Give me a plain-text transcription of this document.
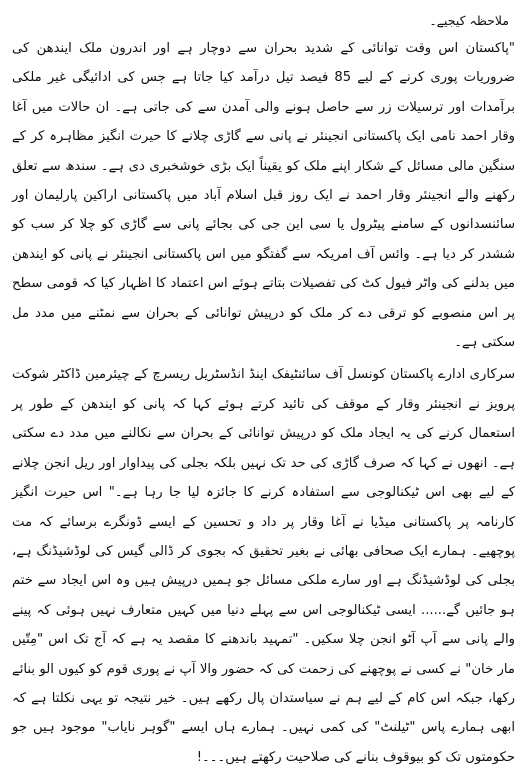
ملاحظہ کیجیے۔

"پاکستان اس وقت توانائی کے شدید بحران سے دوچار ہے اور اندرون ملک ایندھن کی ضروریات پوری کرنے کے لیے 85 فیصد تیل درآمد کیا جاتا ہے جس کی ادائیگی غیر ملکی برآمدات اور ترسیلات زر سے حاصل ہونے والی آمدن سے کی جاتی ہے۔ ان حالات میں آغا وقار احمد نامی ایک پاکستانی انجینئر نے پانی سے گاڑی چلانے کا حیرت انگیز مظاہرہ کر کے سنگین مالی مسائل کے شکار اپنے ملک کو یقیناً ایک بڑی خوشخبری دی ہے۔ سندھ سے تعلق رکھنے والے انجینئر وقار احمد نے ایک روز قبل اسلام آباد میں پاکستانی اراکین پارلیمان اور سائنسدانوں کے سامنے پیٹرول یا سی این جی کی بجائے پانی سے گاڑی کو چلا کر سب کو ششدر کر دیا ہے۔ وائس آف امریکہ سے گفتگو میں اس پاکستانی انجینئر نے پانی کو ایندھن میں بدلنے کی واٹر فیول کٹ کی تفصیلات بتاتے ہوئے اس اعتماد کا اظہار کیا کہ قومی سطح پر اس منصوبے کو ترقی دے کر ملک کو درپیش توانائی کے بحران سے نمٹنے میں مدد مل سکتی ہے۔

سرکاری ادارے پاکستان کونسل آف سائنٹیفک اینڈ انڈسٹریل ریسرچ کے چیئرمین ڈاکٹر شوکت پرویز نے انجینئر وقار کے موقف کی تائید کرتے ہوئے کہا کہ پانی کو ایندھن کے طور پر استعمال کرنے کی یہ ایجاد ملک کو درپیش توانائی کے بحران سے نکالنے میں مدد دے سکتی ہے۔ انھوں نے کہا کہ صرف گاڑی کی حد تک نہیں بلکہ بجلی کی پیداوار اور ریل انجن چلانے کے لیے بھی اس ٹیکنالوجی سے استفادہ کرنے کا جائزہ لیا جا رہا ہے۔" اس حیرت انگیز کارنامہ پر پاکستانی میڈیا نے آغا وقار پر داد و تحسین کے ایسے ڈونگرے برسائے کہ مت پوچھیے۔ ہمارے ایک صحافی بھائی نے بغیر تحقیق کہ بجوی کر ڈالی گیس کی لوڈشیڈنگ ہے، بجلی کی لوڈشیڈنگ ہے اور سارے ملکی مسائل جو ہمیں درپیش ہیں وہ اس ایجاد سے ختم ہو جائیں گے...... ایسی ٹیکنالوجی اس سے پہلے دنیا میں کہیں متعارف نہیں ہوئی کہ پینے والے پانی سے آپ آٹو انجن چلا سکیں۔ "تمہید باندھنے کا مقصد یہ ہے کہ آج تک اس "مِتّیں مار خان" نے کسی نے پوچھنے کی زحمت کی کہ حضور والا آپ نے پوری قوم کو کیوں الو بنائے رکھا، جبکہ اس کام کے لیے ہم نے سیاستدان پال رکھے ہیں۔ خیر نتیجہ تو یہی نکلتا ہے کہ ابھی ہمارے پاس "ٹیلنٹ" کی کمی نہیں۔ ہمارے ہاں ایسے "گوہر نایاب" موجود ہیں جو حکومتوں تک کو بیوقوف بنانے کی صلاحیت رکھتے ہیں۔۔۔!
